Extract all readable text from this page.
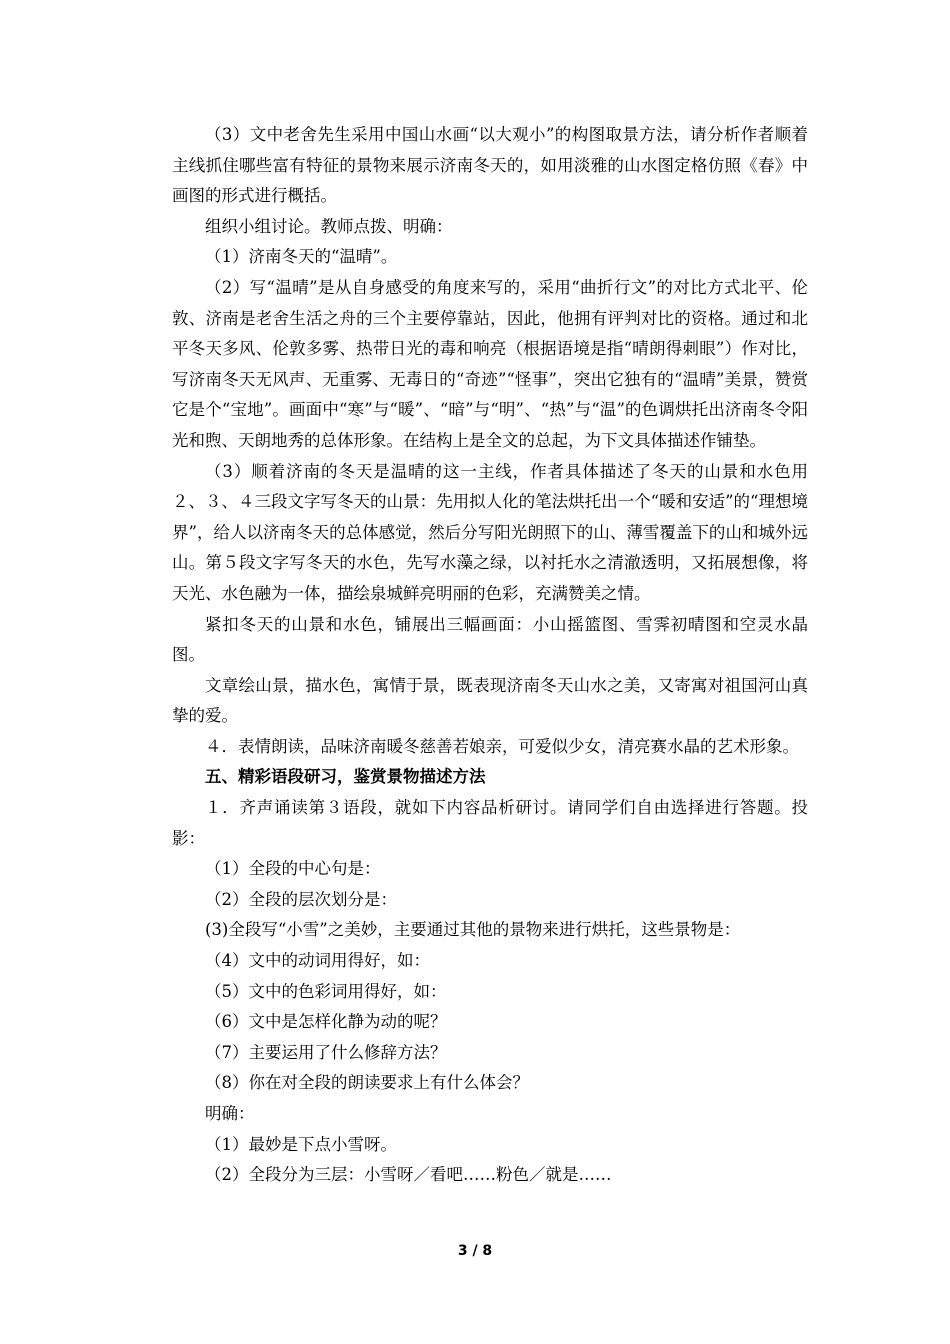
（3）文中老舍先生采用中国山水画“以大观小”的构图取景方法，请分析作者顺着主线抓住哪些富有特征的景物来展示济南冬天的，如用淡雅的山水图定格仿照《春》中画图的形式进行概括。

组织小组讨论。教师点拨、明确：

（1）济南冬天的“温晴”。

（2）写“温晴”是从自身感受的角度来写的，采用“曲折行文”的对比方式北平、伦敦、济南是老舍生活之舟的三个主要停靠站，因此，他拥有评判对比的资格。通过和北平冬天多风、伦敦多雾、热带日光的毒和响亮（根据语境是指“晴朗得刺眼”）作对比，写济南冬天无风声、无重雾、无毒日的“奇迹”“怪事”，突出它独有的“温晴”美景，赞赏它是个“宝地”。画面中“寒”与“暖”、“暗”与“明”、“热”与“温”的色调烘托出济南冬令阳光和煦、天朗地秀的总体形象。在结构上是全文的总起，为下文具体描述作铺垫。

（3）顺着济南的冬天是温晴的这一主线，作者具体描述了冬天的山景和水色用２、３、４三段文字写冬天的山景：先用拟人化的笔法烘托出一个“暖和安适”的“理想境界”，给人以济南冬天的总体感觉，然后分写阳光朗照下的山、薄雪覆盖下的山和城外远山。第５段文字写冬天的水色，先写水藻之绿，以衬托水之清澈透明，又拓展想像，将天光、水色融为一体，描绘泉城鲜亮明丽的色彩，充满赞美之情。

紧扣冬天的山景和水色，铺展出三幅画面：小山摇篮图、雪霁初晴图和空灵水晶图。

文章绘山景，描水色，寓情于景，既表现济南冬天山水之美，又寄寓对祖国河山真挚的爱。

４．表情朗读，品味济南暖冬慈善若娘亲，可爱似少女，清亮赛水晶的艺术形象。

五、精彩语段研习，鉴赏景物描述方法

１．齐声诵读第３语段，就如下内容品析研讨。请同学们自由选择进行答题。投影：

（1）全段的中心句是：

（2）全段的层次划分是：

(3)全段写“小雪”之美妙，主要通过其他的景物来进行烘托，这些景物是：

（4）文中的动词用得好，如：

（5）文中的色彩词用得好，如：

（6）文中是怎样化静为动的呢？

（7）主要运用了什么修辞方法？

（8）你在对全段的朗读要求上有什么体会？

明确：

（1）最妙是下点小雪呀。

（2）全段分为三层：小雪呀／看吧……粉色／就是……

3 / 8
